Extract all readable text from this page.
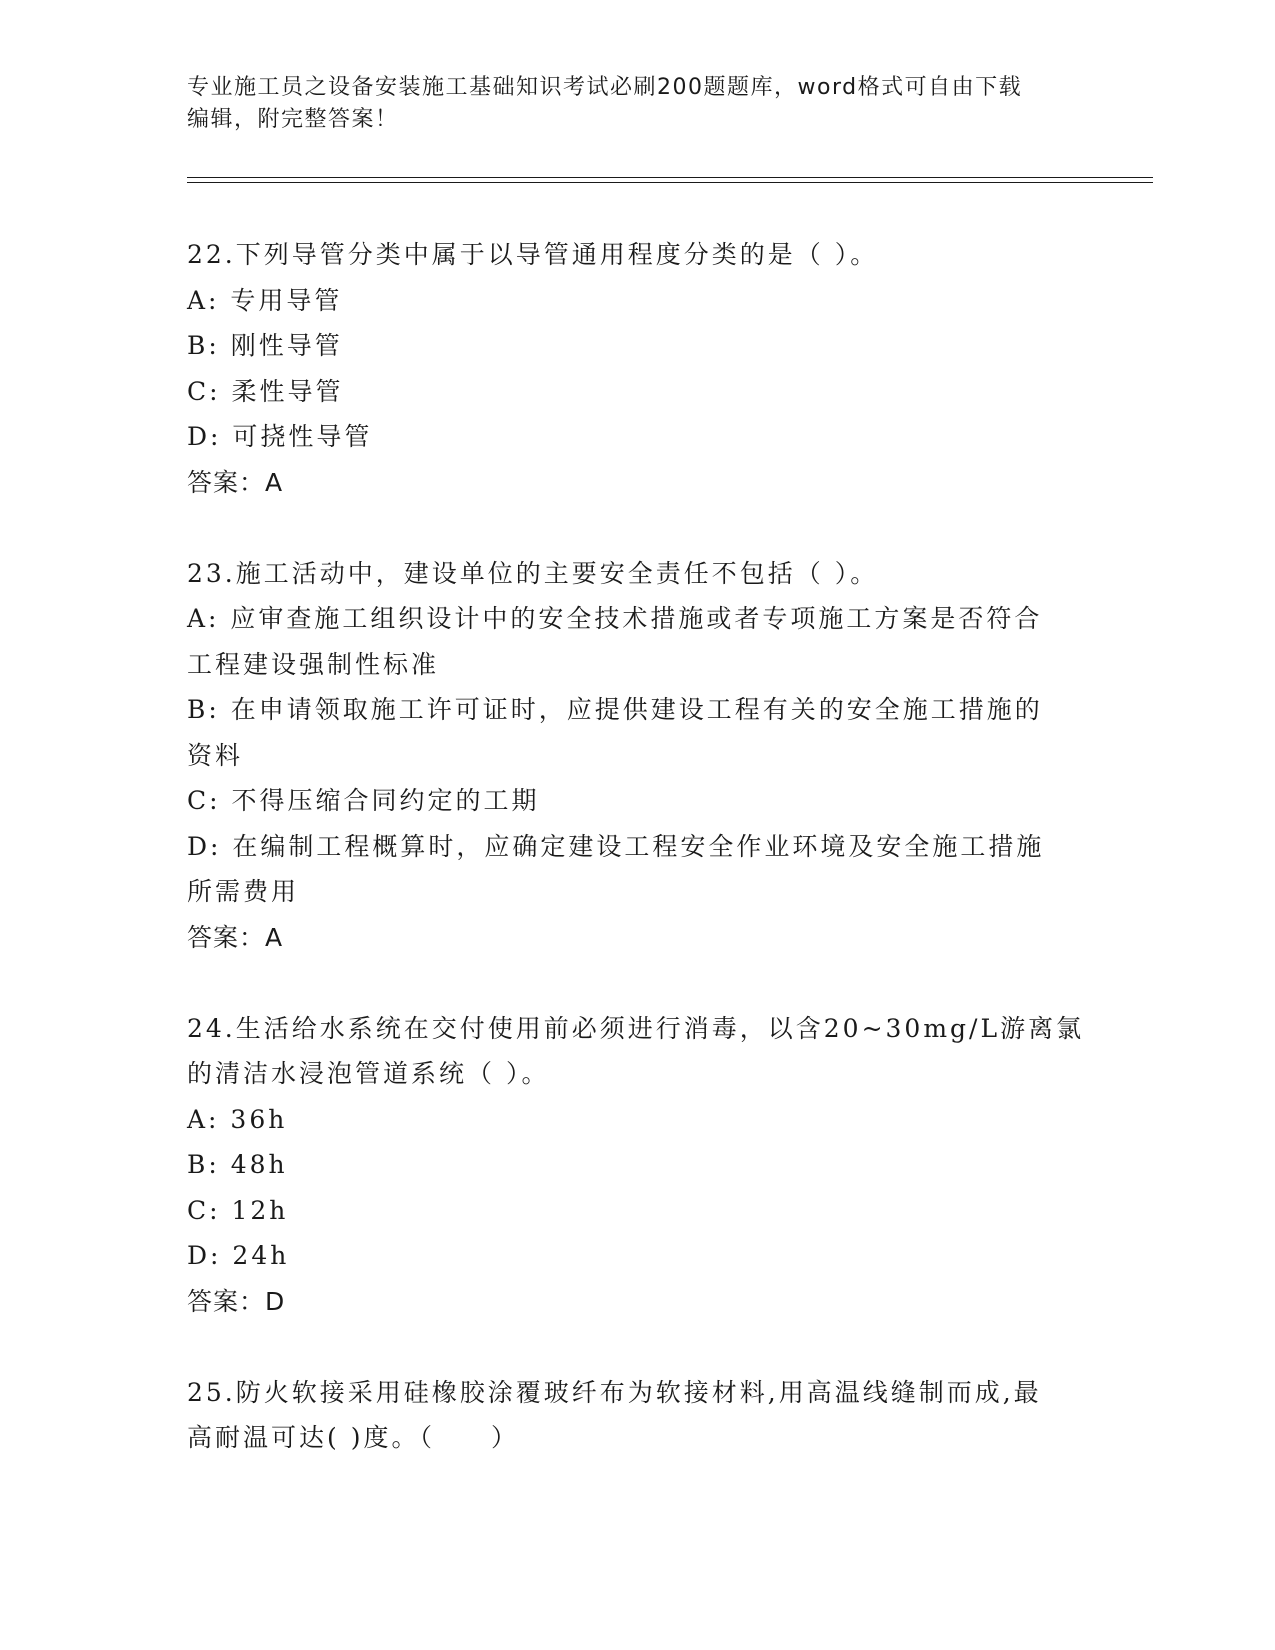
专业施工员之设备安装施工基础知识考试必刷200题题库，word格式可自由下载
编辑，附完整答案！
22.下列导管分类中属于以导管通用程度分类的是（ ）。
A: 专用导管
B: 刚性导管
C: 柔性导管
D: 可挠性导管
答案：A
23.施工活动中，建设单位的主要安全责任不包括（ ）。
A: 应审查施工组织设计中的安全技术措施或者专项施工方案是否符合
工程建设强制性标准
B: 在申请领取施工许可证时，应提供建设工程有关的安全施工措施的
资料
C: 不得压缩合同约定的工期
D: 在编制工程概算时，应确定建设工程安全作业环境及安全施工措施
所需费用
答案：A
24.生活给水系统在交付使用前必须进行消毒，以含20~30mg/L游离氯
的清洁水浸泡管道系统（ ）。
A: 36h
B: 48h
C: 12h
D: 24h
答案：D
25.防火软接采用硅橡胶涂覆玻纤布为软接材料,用高温线缝制而成,最
高耐温可达( )度。（　　）
